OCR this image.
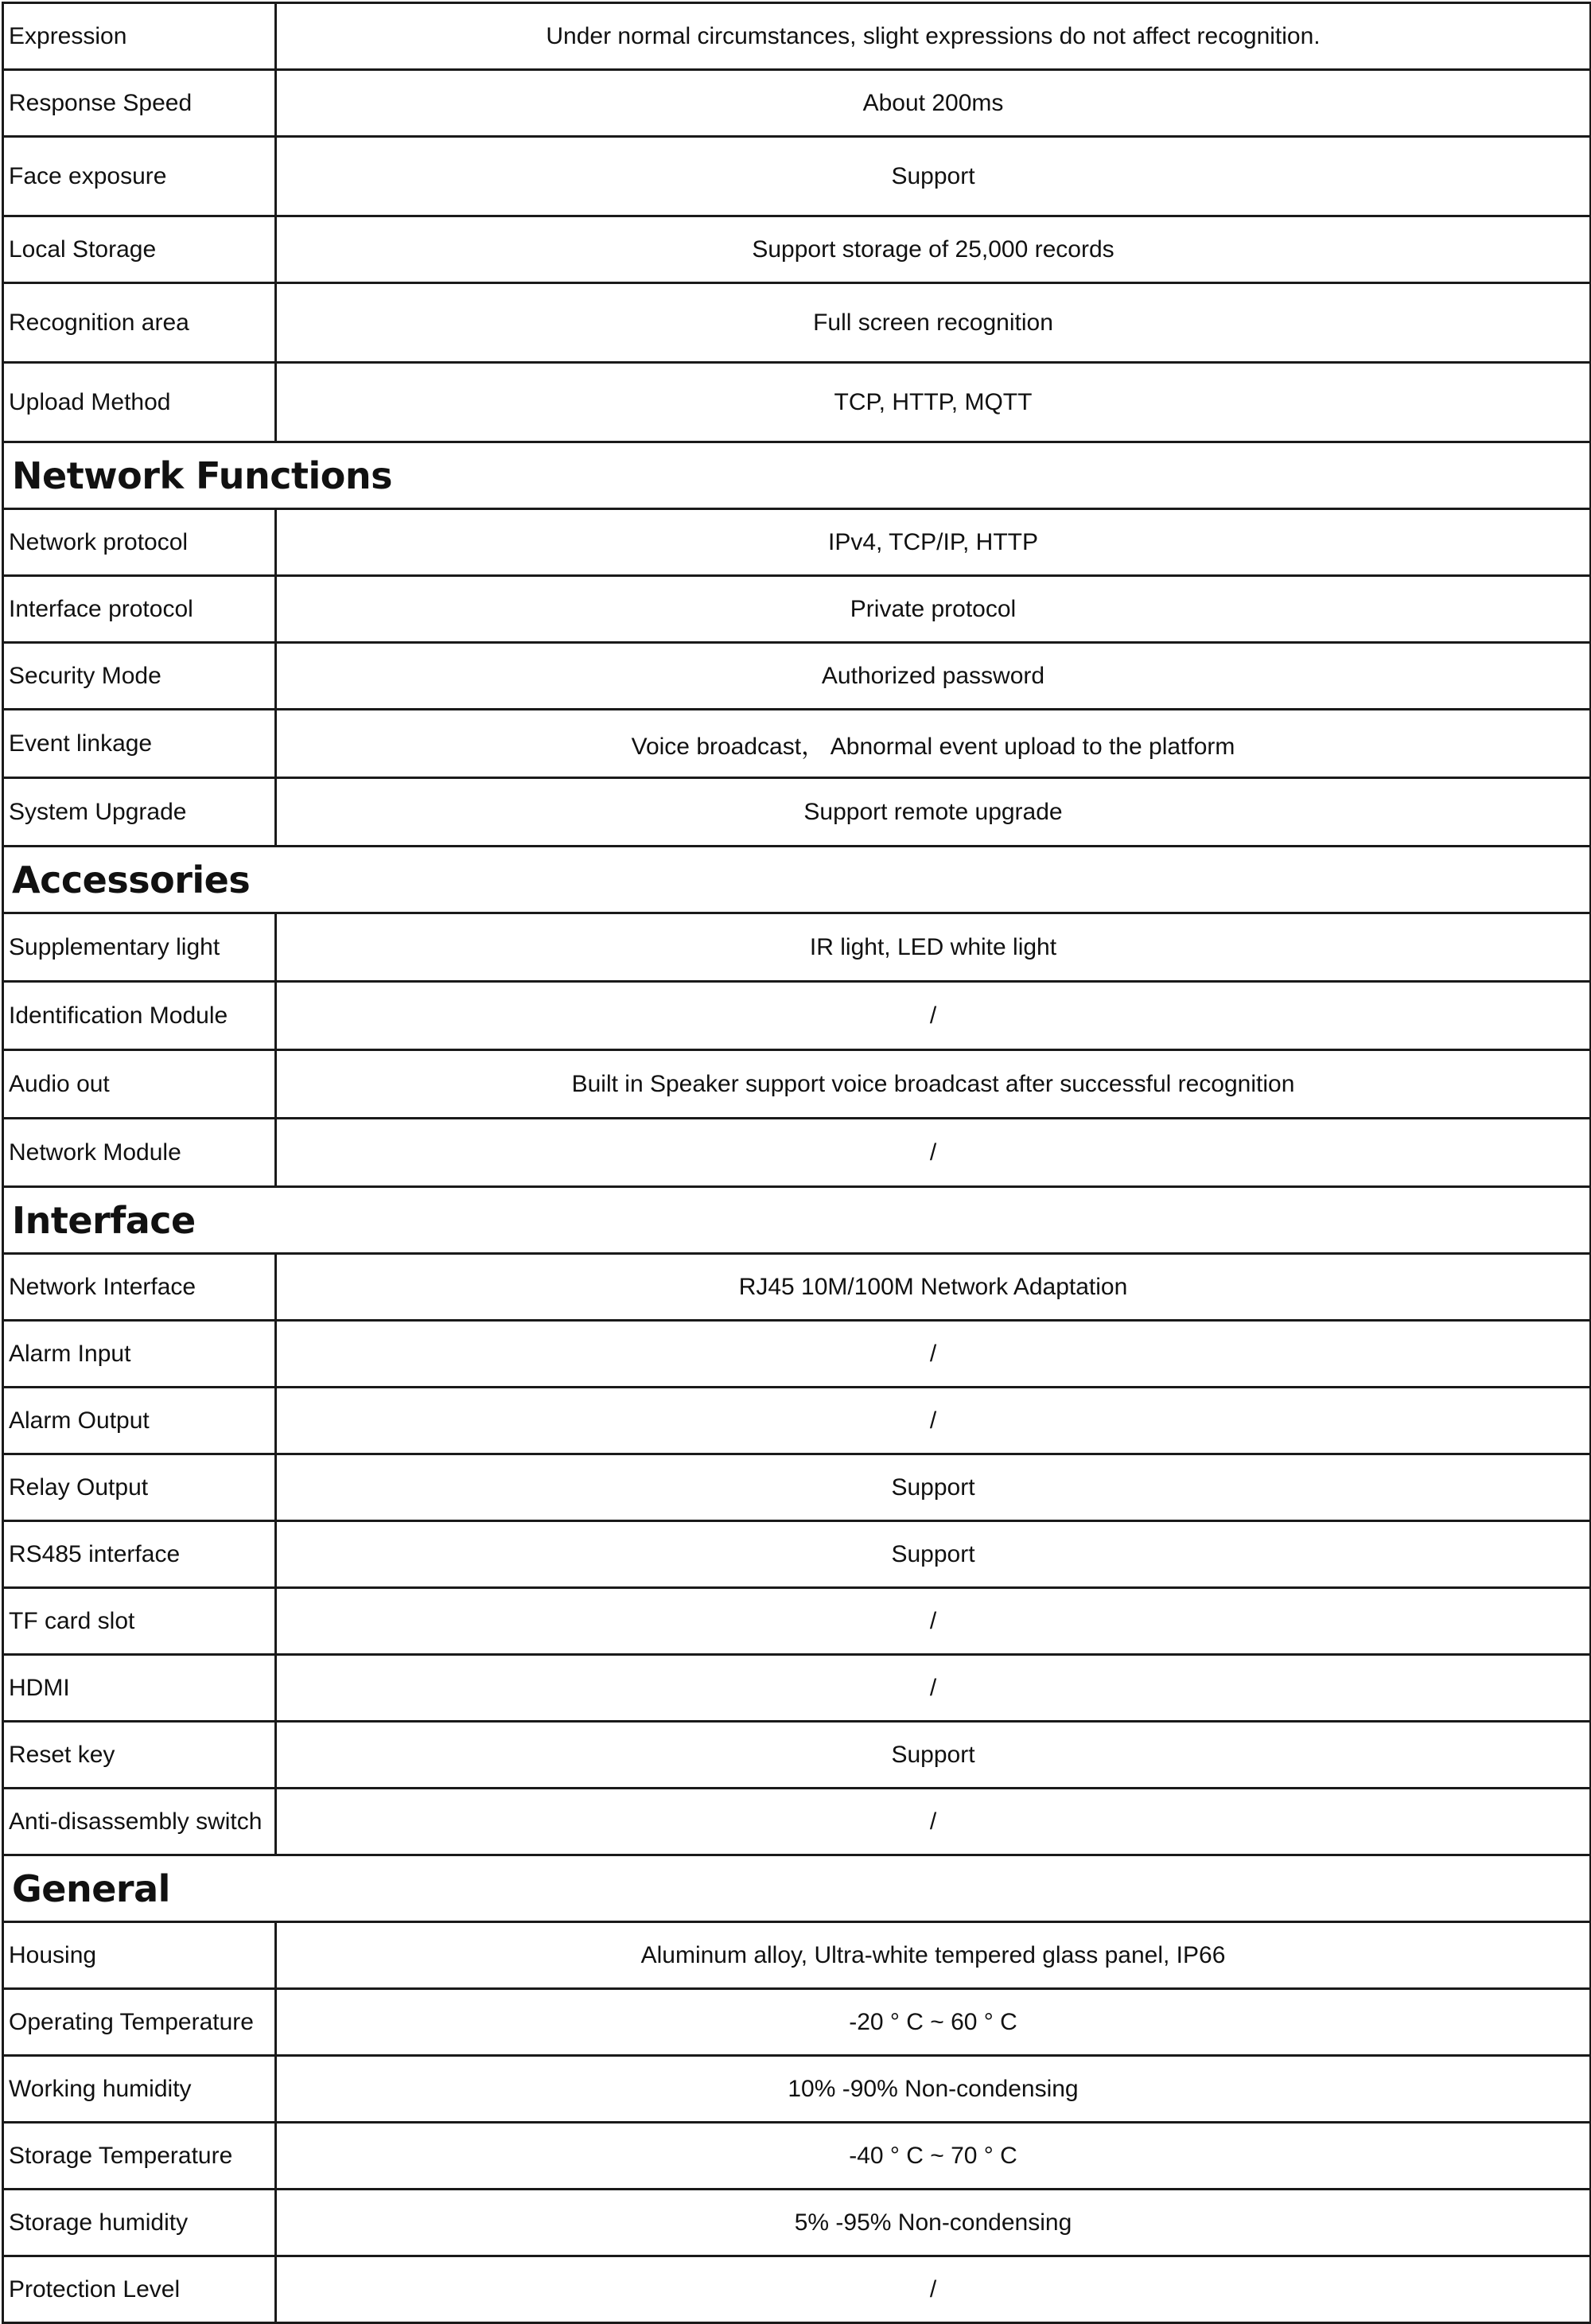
Expression	Under normal circumstances, slight expressions do not affect recognition.
Response Speed	About 200ms
Face exposure	Support
Local Storage	Support storage of 25,000 records
Recognition area	Full screen recognition
Upload Method	TCP, HTTP, MQTT
Network Functions	
Network protocol	IPv4, TCP/IP, HTTP
Interface protocol	Private protocol
Security Mode	Authorized password
Event linkage	Voice broadcast， Abnormal event upload to the platform
System Upgrade	Support remote upgrade
Accessories	
Supplementary light	IR light, LED white light
Identification Module	/
Audio out	Built in Speaker support voice broadcast after successful recognition
Network Module	/
Interface	
Network Interface	RJ45 10M/100M Network Adaptation
Alarm Input	/
Alarm Output	/
Relay Output	Support
RS485 interface	Support
TF card slot	/
HDMI	/
Reset key	Support
Anti-disassembly switch	/
General	
Housing	Aluminum alloy, Ultra-white tempered glass panel, IP66
Operating Temperature	-20 ° C ~ 60 ° C
Working humidity	10% -90% Non-condensing
Storage Temperature	-40 ° C ~ 70 ° C
Storage humidity	5% -95% Non-condensing
Protection Level	/
